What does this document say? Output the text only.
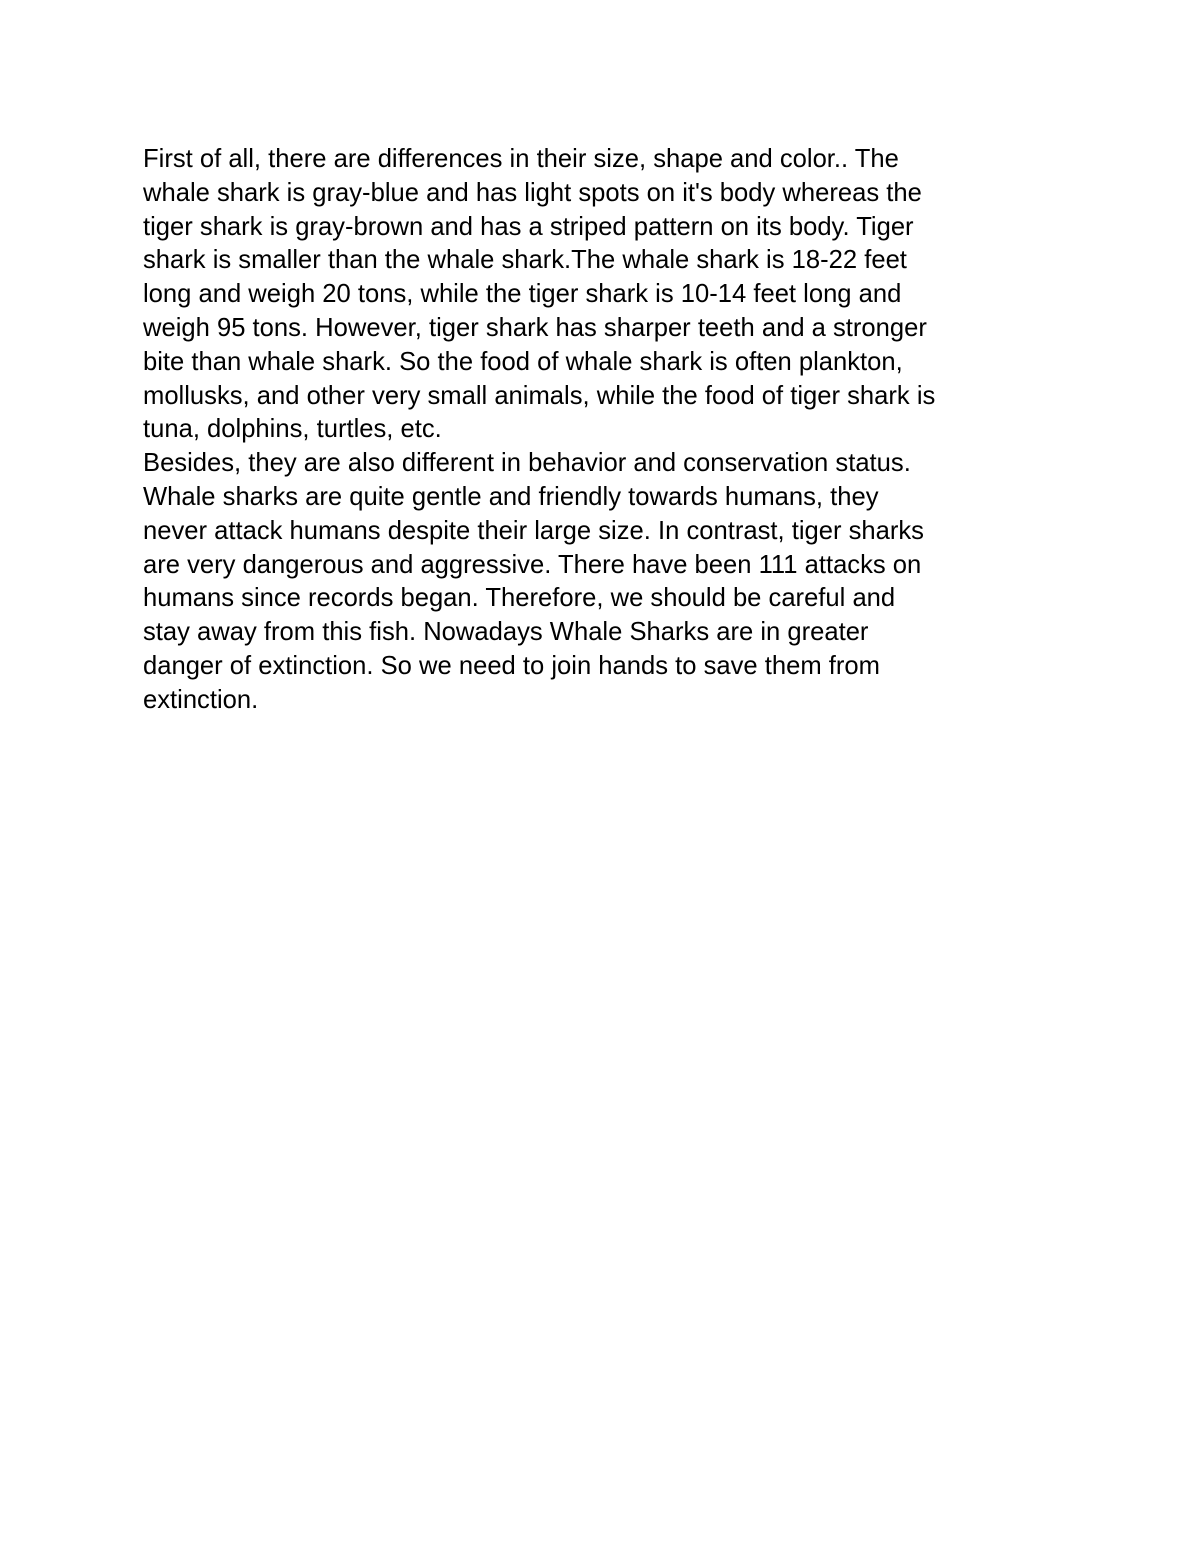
First of all, there are differences in their size, shape and color.. The
whale shark is gray-blue and has light spots on it's body whereas the
tiger shark is gray-brown and has a striped pattern on its body. Tiger
shark is smaller than the whale shark.The whale shark is 18-22 feet
long and weigh 20 tons, while the tiger shark is 10-14 feet long and
weigh 95 tons. However, tiger shark has sharper teeth and a stronger
bite than whale shark. So the food of whale shark is often plankton,
mollusks, and other very small animals, while the food of tiger shark is
tuna, dolphins, turtles, etc.
Besides, they are also different in behavior and conservation status.
Whale sharks are quite gentle and friendly towards humans, they
never attack humans despite their large size. In contrast, tiger sharks
are very dangerous and aggressive. There have been 111 attacks on
humans since records began. Therefore, we should be careful and
stay away from this fish. Nowadays Whale Sharks are in greater
danger of extinction. So we need to join hands to save them from
extinction.
